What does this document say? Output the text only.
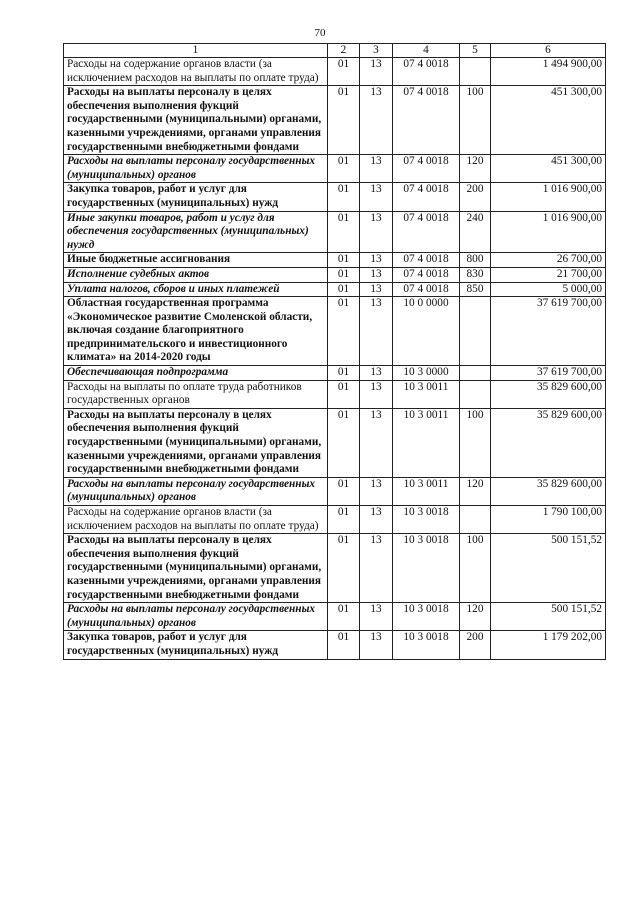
70
1	2	3	4	5	6
Расходы на содержание органов власти (за исключением расходов на выплаты по оплате труда)	01	13	07 4 0018		1 494 900,00
Расходы на выплаты персоналу в целях обеспечения выполнения фукций государственными (муниципальными) органами, казенными учреждениями, органами управления государственными внебюджетными фондами	01	13	07 4 0018	100	451 300,00
Расходы на выплаты персоналу государственных (муниципальных) органов	01	13	07 4 0018	120	451 300,00
Закупка товаров, работ и услуг для государственных (муниципальных) нужд	01	13	07 4 0018	200	1 016 900,00
Иные закупки товаров, работ и услуг для обеспечения государственных (муниципальных) нужд	01	13	07 4 0018	240	1 016 900,00
Иные бюджетные ассигнования	01	13	07 4 0018	800	26 700,00
Исполнение судебных актов	01	13	07 4 0018	830	21 700,00
Уплата налогов, сборов и иных платежей	01	13	07 4 0018	850	5 000,00
Областная государственная программа «Экономическое развитие Смоленской области, включая создание благоприятного предпринимательского и инвестиционного климата» на 2014-2020 годы	01	13	10 0 0000		37 619 700,00
Обеспечивающая подпрограмма	01	13	10 3 0000		37 619 700,00
Расходы на выплаты по оплате труда работников государственных органов	01	13	10 3 0011		35 829 600,00
Расходы на выплаты персоналу в целях обеспечения выполнения фукций государственными (муниципальными) органами, казенными учреждениями, органами управления государственными внебюджетными фондами	01	13	10 3 0011	100	35 829 600,00
Расходы на выплаты персоналу государственных (муниципальных) органов	01	13	10 3 0011	120	35 829 600,00
Расходы на содержание органов власти (за исключением расходов на выплаты по оплате труда)	01	13	10 3 0018		1 790 100,00
Расходы на выплаты персоналу в целях обеспечения выполнения фукций государственными (муниципальными) органами, казенными учреждениями, органами управления государственными внебюджетными фондами	01	13	10 3 0018	100	500 151,52
Расходы на выплаты персоналу государственных (муниципальных) органов	01	13	10 3 0018	120	500 151,52
Закупка товаров, работ и услуг для государственных (муниципальных) нужд	01	13	10 3 0018	200	1 179 202,00
